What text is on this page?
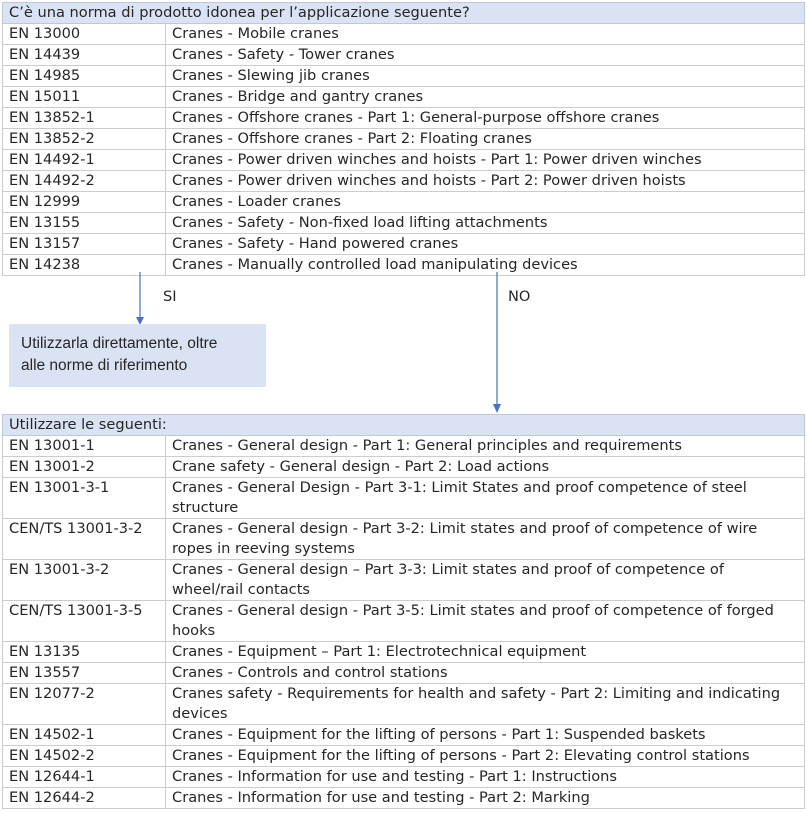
C’è una norma di prodotto idonea per l’applicazione seguente?	
EN 13000	Cranes - Mobile cranes
EN 14439	Cranes - Safety - Tower cranes
EN 14985	Cranes - Slewing jib cranes
EN 15011	Cranes - Bridge and gantry cranes
EN 13852-1	Cranes - Offshore cranes - Part 1: General-purpose offshore cranes
EN 13852-2	Cranes - Offshore cranes - Part 2: Floating cranes
EN 14492-1	Cranes - Power driven winches and hoists - Part 1: Power driven winches
EN 14492-2	Cranes - Power driven winches and hoists - Part 2: Power driven hoists
EN 12999	Cranes - Loader cranes
EN 13155	Cranes - Safety - Non-fixed load lifting attachments
EN 13157	Cranes - Safety - Hand powered cranes
EN 14238	Cranes - Manually controlled load manipulating devices
SI
Utilizzarla direttamente, oltre
alle norme di riferimento
NO
Utilizzare le seguenti:	
EN 13001-1	Cranes - General design - Part 1: General principles and requirements
EN 13001-2	Crane safety - General design - Part 2: Load actions
EN 13001-3-1	Cranes - General Design - Part 3-1: Limit States and proof competence of steel structure
CEN/TS 13001-3-2	Cranes - General design - Part 3-2: Limit states and proof of competence of wire ropes in reeving systems
EN 13001-3-2	Cranes - General design – Part 3-3: Limit states and proof of competence of wheel/rail contacts
CEN/TS 13001-3-5	Cranes - General design - Part 3-5: Limit states and proof of competence of forged hooks
EN 13135	Cranes - Equipment – Part 1: Electrotechnical equipment
EN 13557	Cranes - Controls and control stations
EN 12077-2	Cranes safety - Requirements for health and safety - Part 2: Limiting and indicating devices
EN 14502-1	Cranes - Equipment for the lifting of persons - Part 1: Suspended baskets
EN 14502-2	Cranes - Equipment for the lifting of persons - Part 2: Elevating control stations
EN 12644-1	Cranes - Information for use and testing - Part 1: Instructions
EN 12644-2	Cranes - Information for use and testing - Part 2: Marking
